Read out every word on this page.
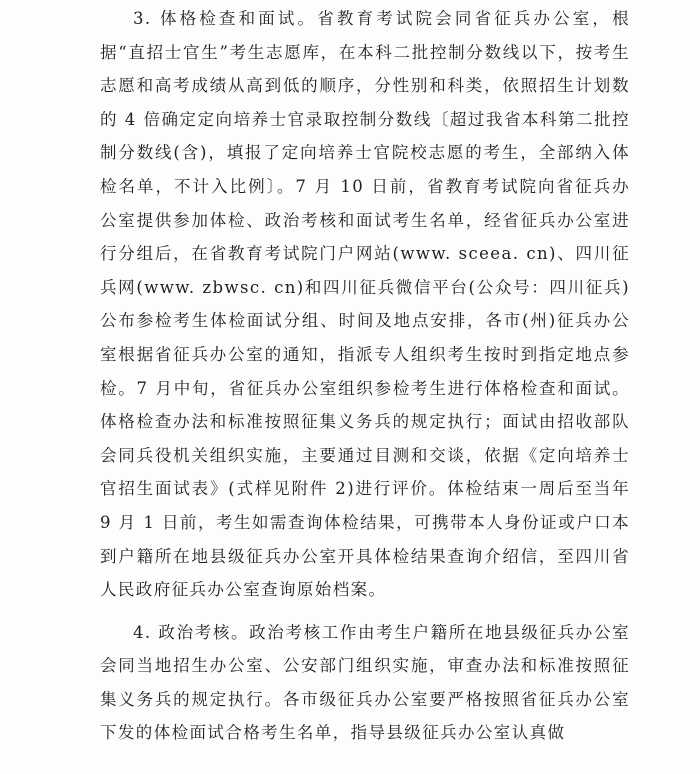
3. 体格检查和面试。省教育考试院会同省征兵办公室，根据“直招士官生”考生志愿库，在本科二批控制分数线以下，按考生志愿和高考成绩从高到低的顺序，分性别和科类，依照招生计划数的 4 倍确定定向培养士官录取控制分数线〔超过我省本科第二批控制分数线(含)，填报了定向培养士官院校志愿的考生，全部纳入体检名单，不计入比例〕。7 月 10 日前，省教育考试院向省征兵办公室提供参加体检、政治考核和面试考生名单，经省征兵办公室进行分组后，在省教育考试院门户网站(www. sceea. cn)、四川征兵网(www. zbwsc. cn)和四川征兵微信平台(公众号：四川征兵)公布参检考生体检面试分组、时间及地点安排，各市(州)征兵办公室根据省征兵办公室的通知，指派专人组织考生按时到指定地点参检。7 月中旬，省征兵办公室组织参检考生进行体格检查和面试。体格检查办法和标准按照征集义务兵的规定执行；面试由招收部队会同兵役机关组织实施，主要通过目测和交谈，依据《定向培养士官招生面试表》(式样见附件 2)进行评价。体检结束一周后至当年 9 月 1 日前，考生如需查询体检结果，可携带本人身份证或户口本到户籍所在地县级征兵办公室开具体检结果查询介绍信，至四川省人民政府征兵办公室查询原始档案。

4. 政治考核。政治考核工作由考生户籍所在地县级征兵办公室会同当地招生办公室、公安部门组织实施，审查办法和标准按照征集义务兵的规定执行。各市级征兵办公室要严格按照省征兵办公室下发的体检面试合格考生名单，指导县级征兵办公室认真做
